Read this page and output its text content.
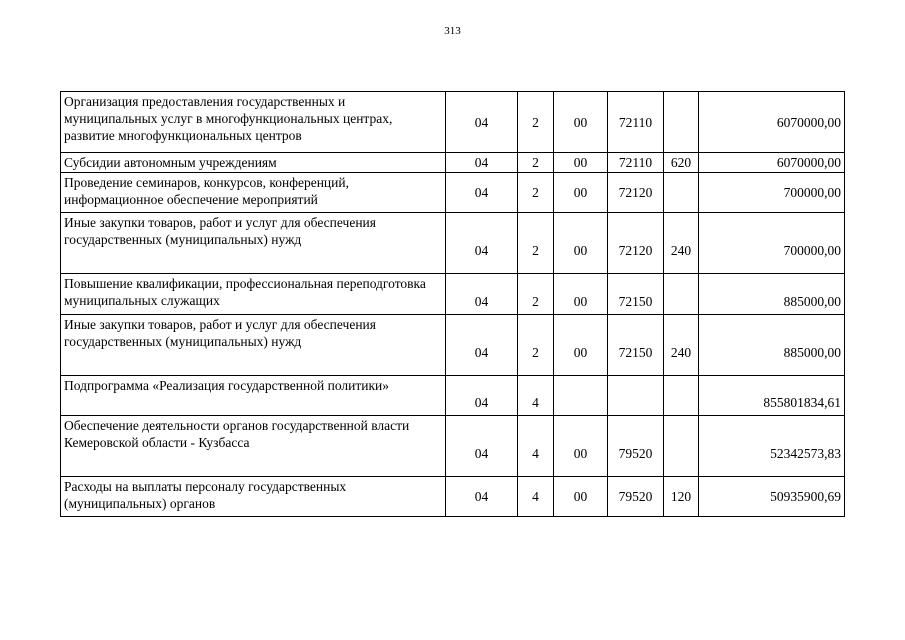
313
Организация предоставления государственных и муниципальных услуг в многофункциональных центрах, развитие многофункциональных центров	04	2	00	72110		6070000,00
Субсидии автономным учреждениям	04	2	00	72110	620	6070000,00
Проведение семинаров, конкурсов, конференций, информационное обеспечение мероприятий	04	2	00	72120		700000,00
Иные закупки товаров, работ и услуг для обеспечения государственных (муниципальных) нужд	04	2	00	72120	240	700000,00
Повышение квалификации, профессиональная переподготовка муниципальных служащих	04	2	00	72150		885000,00
Иные закупки товаров, работ и услуг для обеспечения государственных (муниципальных) нужд	04	2	00	72150	240	885000,00
Подпрограмма «Реализация государственной политики»	04	4				855801834,61
Обеспечение деятельности органов государственной власти Кемеровской области - Кузбасса	04	4	00	79520		52342573,83
Расходы на выплаты персоналу государственных (муниципальных) органов	04	4	00	79520	120	50935900,69
